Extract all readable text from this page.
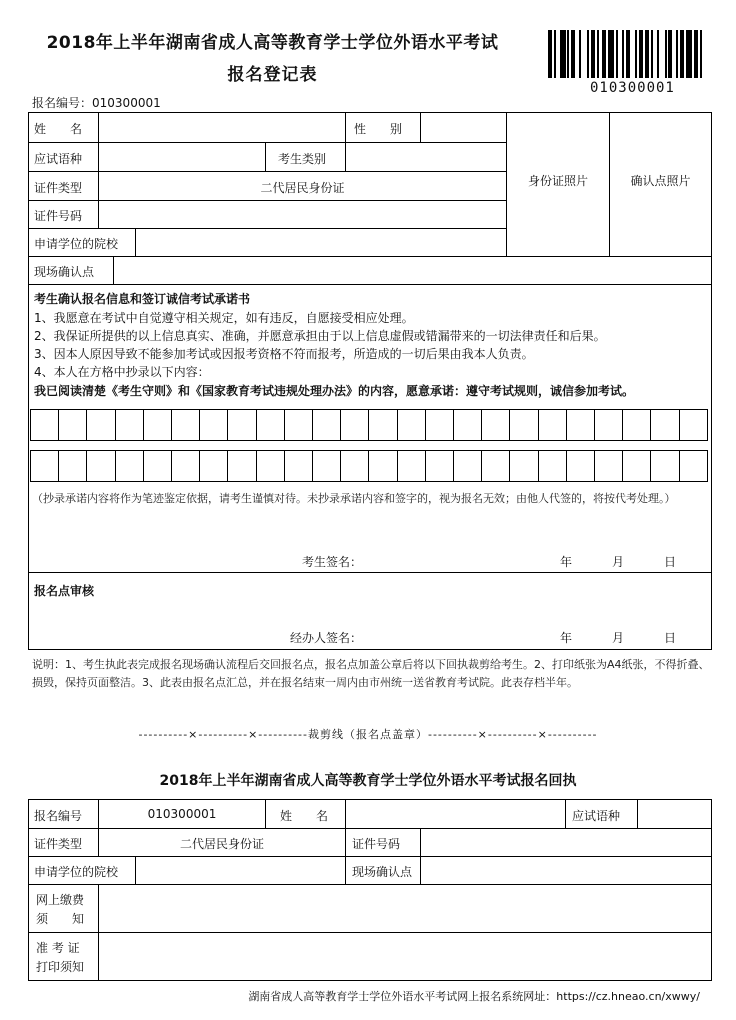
2018年上半年湖南省成人高等教育学士学位外语水平考试
报名登记表
010300001
报名编号：010300001
姓　　名	性　　别
应试语种	考生类别
证件类型	二代居民身份证
证件号码
申请学位的院校
现场确认点
身份证照片	确认点照片
考生确认报名信息和签订诚信考试承诺书
1、我愿意在考试中自觉遵守相关规定，如有违反，自愿接受相应处理。
2、我保证所提供的以上信息真实、准确，并愿意承担由于以上信息虚假或错漏带来的一切法律责任和后果。
3、因本人原因导致不能参加考试或因报考资格不符而报考，所造成的一切后果由我本人负责。
4、本人在方格中抄录以下内容：
我已阅读清楚《考生守则》和《国家教育考试违规处理办法》的内容，愿意承诺：遵守考试规则，诚信参加考试。
（抄录承诺内容将作为笔迹鉴定依据，请考生谨慎对待。未抄录承诺内容和签字的，视为报名无效；由他人代签的，将按代考处理。）
考生签名：	年	月	日
报名点审核
经办人签名：	年	月	日
说明：1、考生执此表完成报名现场确认流程后交回报名点，报名点加盖公章后将以下回执裁剪给考生。2、打印纸张为A4纸张，不得折叠、损毁，保持页面整洁。3、此表由报名点汇总，并在报名结束一周内由市州统一送省教育考试院。此表存档半年。
----------×----------×----------裁剪线（报名点盖章）----------×----------×----------
2018年上半年湖南省成人高等教育学士学位外语水平考试报名回执
报名编号	010300001	姓　　名	应试语种
证件类型	二代居民身份证	证件号码
申请学位的院校	现场确认点
网上缴费
须　　知
准 考 证
打印须知
湖南省成人高等教育学士学位外语水平考试网上报名系统网址：https://cz.hneao.cn/xwwy/
